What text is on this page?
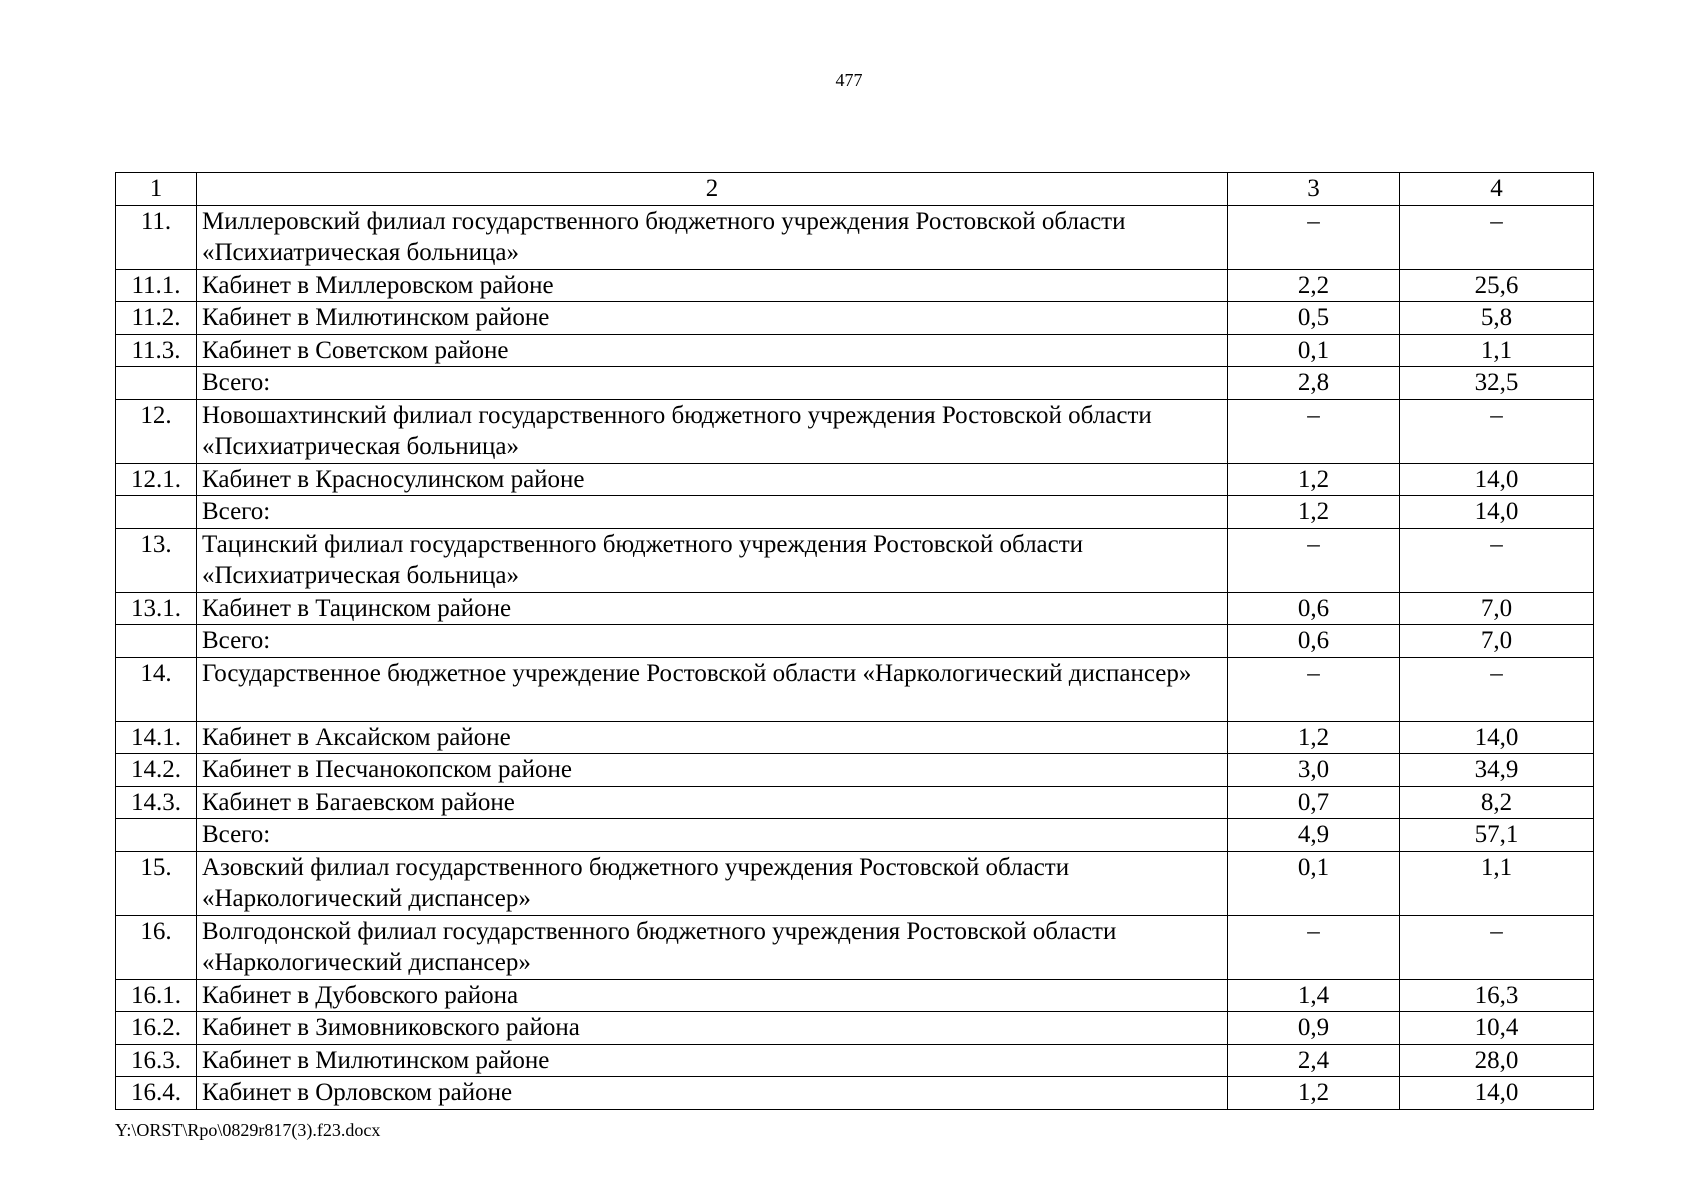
477
1	2	3	4
11.	Миллеровский филиал государственного бюджетного учреждения Ростовской области «Психиатрическая больница»	–	–
11.1.	Кабинет в Миллеровском районе	2,2	25,6
11.2.	Кабинет в Милютинском районе	0,5	5,8
11.3.	Кабинет в Советском районе	0,1	1,1
	Всего:	2,8	32,5
12.	Новошахтинский филиал государственного бюджетного учреждения Ростовской области «Психиатрическая больница»	–	–
12.1.	Кабинет в Красносулинском районе	1,2	14,0
	Всего:	1,2	14,0
13.	Тацинский филиал государственного бюджетного учреждения Ростовской области «Психиатрическая больница»	–	–
13.1.	Кабинет в Тацинском районе	0,6	7,0
	Всего:	0,6	7,0
14.	Государственное бюджетное учреждение Ростовской области «Наркологический диспансер»	–	–
14.1.	Кабинет в Аксайском районе	1,2	14,0
14.2.	Кабинет в Песчанокопском районе	3,0	34,9
14.3.	Кабинет в Багаевском районе	0,7	8,2
	Всего:	4,9	57,1
15.	Азовский филиал государственного бюджетного учреждения Ростовской области «Наркологический диспансер»	0,1	1,1
16.	Волгодонской филиал государственного бюджетного учреждения Ростовской области «Наркологический диспансер»	–	–
16.1.	Кабинет в Дубовского района	1,4	16,3
16.2.	Кабинет в Зимовниковского района	0,9	10,4
16.3.	Кабинет в Милютинском районе	2,4	28,0
16.4.	Кабинет в Орловском районе	1,2	14,0
Y:\ORST\Rpo\0829r817(3).f23.docx
